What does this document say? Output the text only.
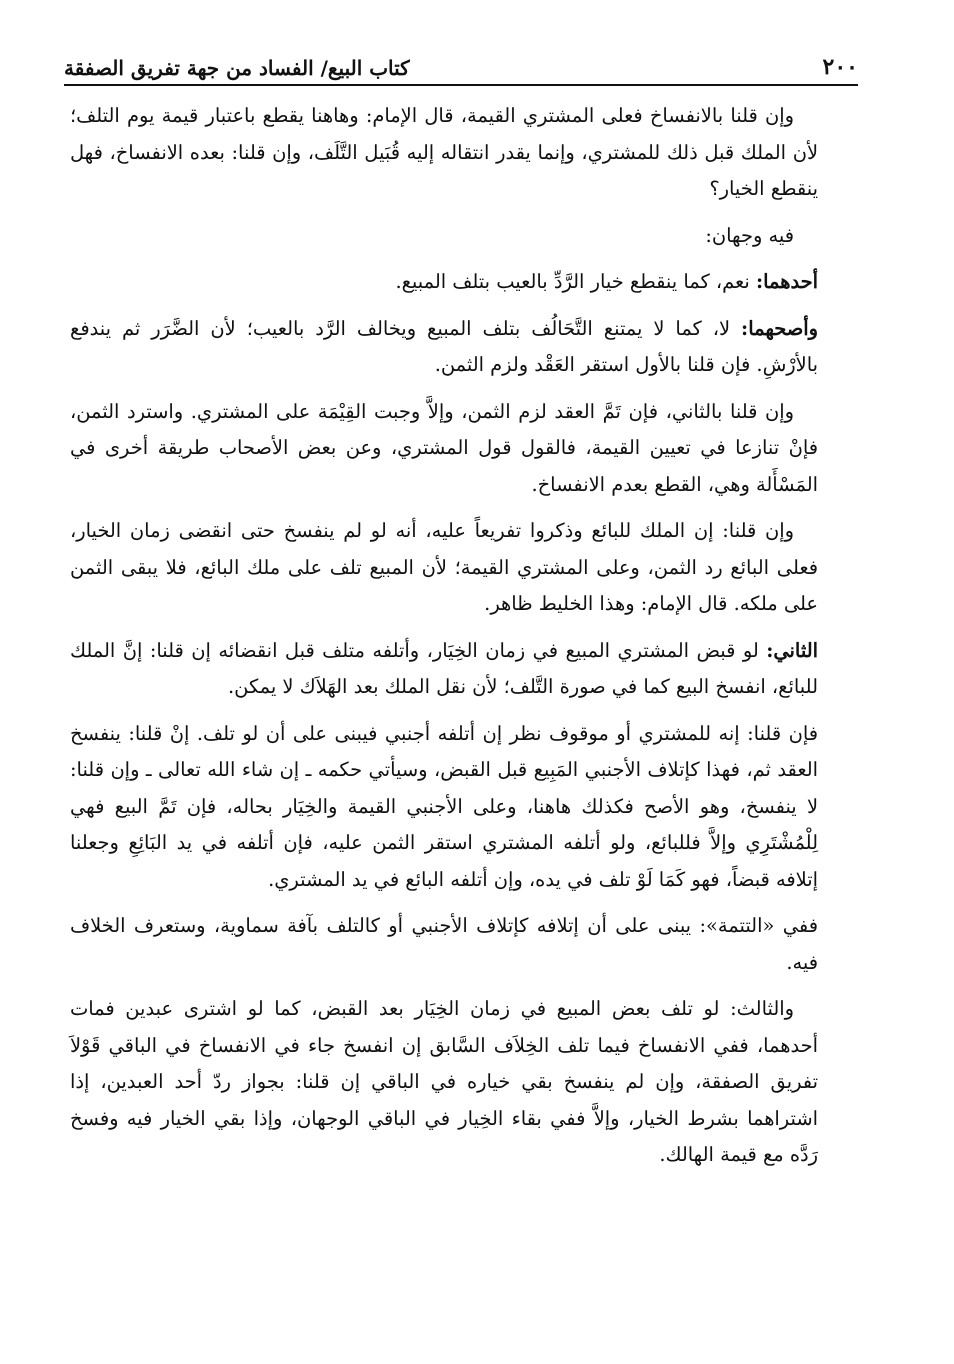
٢٠٠
كتاب البيع/ الفساد من جهة تفريق الصفقة

وإن قلنا بالانفساخ فعلى المشتري القيمة، قال الإمام: وهاهنا يقطع باعتبار قيمة يوم التلف؛ لأن الملك قبل ذلك للمشتري، وإنما يقدر انتقاله إليه قُبَيل التَّلَف، وإن قلنا: بعده الانفساخ، فهل ينقطع الخيار؟

فيه وجهان:

أحدهما: نعم، كما ينقطع خيار الرَّدِّ بالعيب بتلف المبيع.

وأصحهما: لا، كما لا يمتنع التَّحَالُف بتلف المبيع ويخالف الرَّد بالعيب؛ لأن الضَّرَر ثم يندفع بالأرْشِ. فإن قلنا بالأول استقر العَقْد ولزم الثمن.

وإن قلنا بالثاني، فإن تَمَّ العقد لزم الثمن، وإلاَّ وجبت القِيْمَة على المشتري. واسترد الثمن، فإنْ تنازعا في تعيين القيمة، فالقول قول المشتري، وعن بعض الأصحاب طريقة أخرى في المَسْأَلة وهي، القطع بعدم الانفساخ.

وإن قلنا: إن الملك للبائع وذكروا تفريعاً عليه، أنه لو لم ينفسخ حتى انقضى زمان الخيار، فعلى البائع رد الثمن، وعلى المشتري القيمة؛ لأن المبيع تلف على ملك البائع، فلا يبقى الثمن على ملكه. قال الإمام: وهذا الخليط ظاهر.

الثاني: لو قبض المشتري المبيع في زمان الخِيَار، وأتلفه متلف قبل انقضائه إن قلنا: إنَّ الملك للبائع، انفسخ البيع كما في صورة التَّلف؛ لأن نقل الملك بعد الهَلاَك لا يمكن.

فإن قلنا: إنه للمشتري أو موقوف نظر إن أتلفه أجنبي فيبنى على أن لو تلف. إنْ قلنا: ينفسخ العقد ثم، فهذا كإتلاف الأجنبي المَبِيع قبل القبض، وسيأتي حكمه ـ إن شاء الله تعالى ـ وإن قلنا: لا ينفسخ، وهو الأصح فكذلك هاهنا، وعلى الأجنبي القيمة والخِيَار بحاله، فإن تَمَّ البيع فهي لِلْمُشْتَرِي وإلاَّ فللبائع، ولو أتلفه المشتري استقر الثمن عليه، فإن أتلفه في يد البَائِعِ وجعلنا إتلافه قبضاً، فهو كَمَا لَوْ تلف في يده، وإن أتلفه البائع في يد المشتري.

ففي «التتمة»: يبنى على أن إتلافه كإتلاف الأجنبي أو كالتلف بآفة سماوية، وستعرف الخلاف فيه.

والثالث: لو تلف بعض المبيع في زمان الخِيَار بعد القبض، كما لو اشترى عبدين فمات أحدهما، ففي الانفساخ فيما تلف الخِلاَف السَّابق إن انفسخ جاء في الانفساخ في الباقي قَوْلاَ تفريق الصفقة، وإن لم ينفسخ بقي خياره في الباقي إن قلنا: بجواز ردّ أحد العبدين، إذا اشتراهما بشرط الخيار، وإلاَّ ففي بقاء الخِيار في الباقي الوجهان، وإذا بقي الخيار فيه وفسخ رَدَّه مع قيمة الهالك.
